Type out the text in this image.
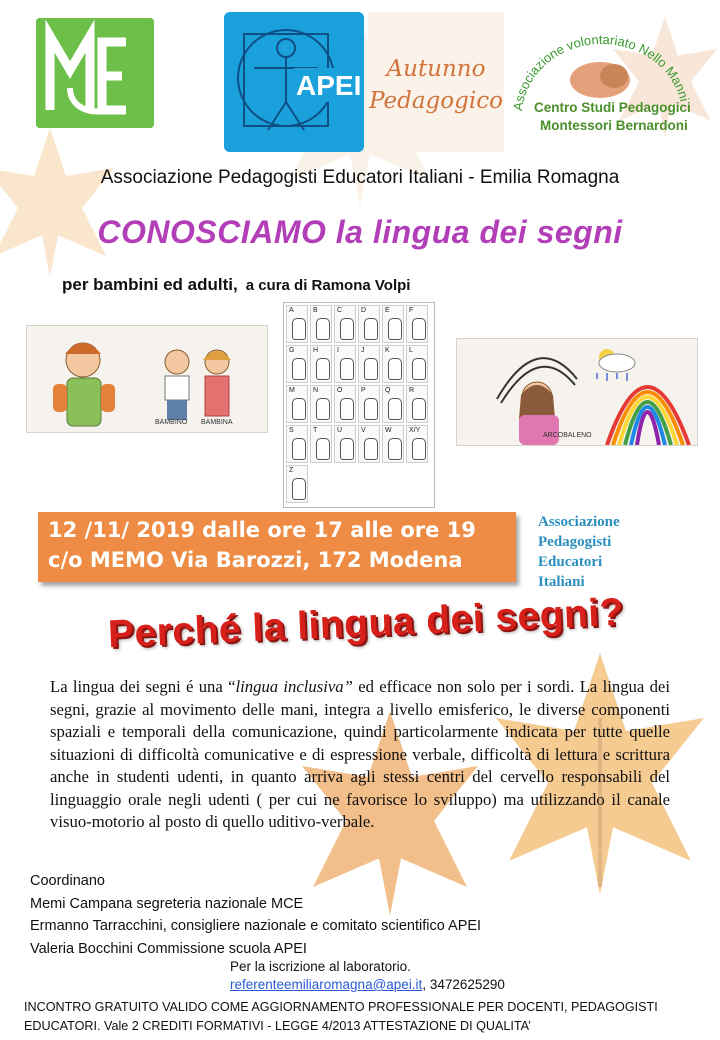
APEI
Autunno
Pedagogico Associazione volontariato Nello Mann
Centro Studi Pedagogici
Montessori Bernardoni
Associazione Pedagogisti Educatori Italiani - Emilia Romagna
CONOSCIAMO la lingua dei segni
per bambini ed adulti, a cura di Ramona Volpi
BAMBINO BAMBINA
A	B	C	D	E	F
G	H	I	J	K	L
M	N	O	P	Q	R
S	T	U	V	W X/Y
Z
ARCOBALENO
12 /11/ 2019 dalle ore 17 alle ore 19
c/o MEMO Via Barozzi, 172 Modena
Associazione
Pedagogisti
Educatori
Italiani
Perché la lingua dei segni?
La lingua dei segni é una “lingua inclusiva” ed efficace non solo per i sordi. La lingua dei segni, grazie al movimento delle mani, integra a livello emisferico, le diverse componenti spaziali e temporali della comunicazione, quindi particolarmente indicata per tutte quelle situazioni di difficoltà comunicative e di espressione verbale, difficoltà di lettura e scrittura anche in studenti udenti, in quanto arriva agli stessi centri del cervello responsabili del linguaggio orale negli udenti ( per cui ne favorisce lo sviluppo) ma utilizzando il canale visuo-motorio al posto di quello uditivo-verbale.
Coordinano
Memi Campana segreteria nazionale MCE
Ermanno Tarracchini, consigliere nazionale e comitato scientifico APEI
Valeria Bocchini Commissione scuola APEI
Per la iscrizione al laboratorio.
referenteemiliaromagna@apei.it, 3472625290
INCONTRO GRATUITO VALIDO COME AGGIORNAMENTO PROFESSIONALE PER DOCENTI, PEDAGOGISTI
EDUCATORI. Vale 2 CREDITI FORMATIVI - LEGGE 4/2013 ATTESTAZIONE DI QUALITA’
